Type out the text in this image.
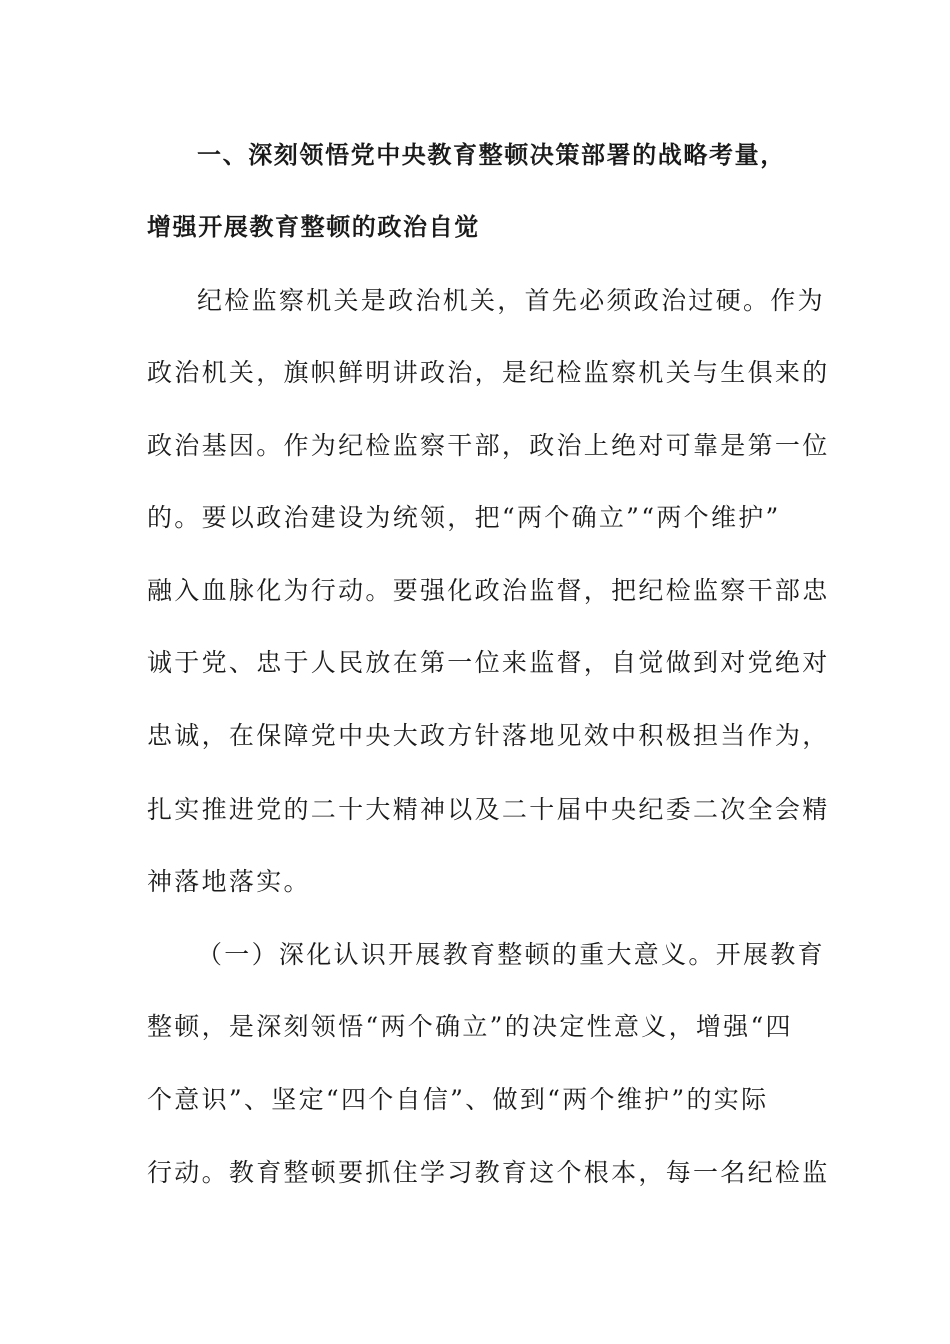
一、深刻领悟党中央教育整顿决策部署的战略考量，

增强开展教育整顿的政治自觉

纪检监察机关是政治机关，首先必须政治过硬。作为

政治机关，旗帜鲜明讲政治，是纪检监察机关与生俱来的

政治基因。作为纪检监察干部，政治上绝对可靠是第一位

的。要以政治建设为统领，把“两个确立”“两个维护”

融入血脉化为行动。要强化政治监督，把纪检监察干部忠

诚于党、忠于人民放在第一位来监督，自觉做到对党绝对

忠诚，在保障党中央大政方针落地见效中积极担当作为，

扎实推进党的二十大精神以及二十届中央纪委二次全会精

神落地落实。

（一）深化认识开展教育整顿的重大意义。开展教育

整顿，是深刻领悟“两个确立”的决定性意义，增强“四

个意识”、坚定“四个自信”、做到“两个维护”的实际

行动。教育整顿要抓住学习教育这个根本，每一名纪检监
